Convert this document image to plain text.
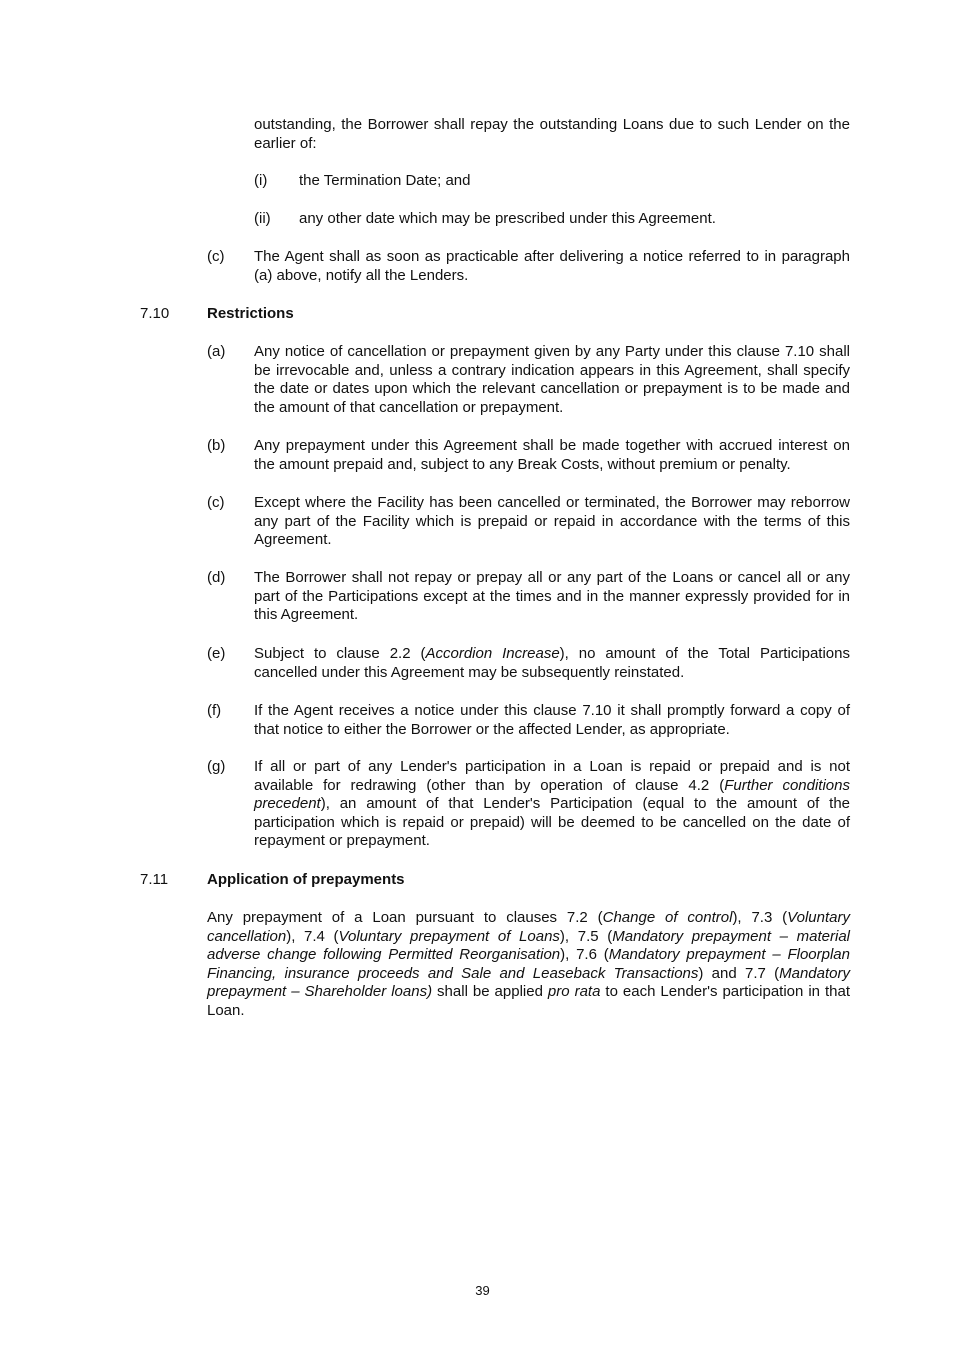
outstanding, the Borrower shall repay the outstanding Loans due to such Lender on the earlier of:

(i) the Termination Date; and

(ii) any other date which may be prescribed under this Agreement.

(c) The Agent shall as soon as practicable after delivering a notice referred to in paragraph (a) above, notify all the Lenders.

7.10	Restrictions
(a) Any notice of cancellation or prepayment given by any Party under this clause 7.10 shall be irrevocable and, unless a contrary indication appears in this Agreement, shall specify the date or dates upon which the relevant cancellation or prepayment is to be made and the amount of that cancellation or prepayment.

(b) Any prepayment under this Agreement shall be made together with accrued interest on the amount prepaid and, subject to any Break Costs, without premium or penalty.

(c) Except where the Facility has been cancelled or terminated, the Borrower may reborrow any part of the Facility which is prepaid or repaid in accordance with the terms of this Agreement.

(d) The Borrower shall not repay or prepay all or any part of the Loans or cancel all or any part of the Participations except at the times and in the manner expressly provided for in this Agreement.

(e) Subject to clause 2.2 (Accordion Increase), no amount of the Total Participations cancelled under this Agreement may be subsequently reinstated.

(f) If the Agent receives a notice under this clause 7.10 it shall promptly forward a copy of that notice to either the Borrower or the affected Lender, as appropriate.

(g) If all or part of any Lender's participation in a Loan is repaid or prepaid and is not available for redrawing (other than by operation of clause 4.2 (Further conditions precedent), an amount of that Lender's Participation (equal to the amount of the participation which is repaid or prepaid) will be deemed to be cancelled on the date of repayment or prepayment.

7.11	Application of prepayments

Any prepayment of a Loan pursuant to clauses 7.2 (Change of control), 7.3 (Voluntary cancellation), 7.4 (Voluntary prepayment of Loans), 7.5 (Mandatory prepayment – material adverse change following Permitted Reorganisation), 7.6 (Mandatory prepayment – Floorplan Financing, insurance proceeds and Sale and Leaseback Transactions) and 7.7 (Mandatory prepayment – Shareholder loans) shall be applied pro rata to each Lender's participation in that Loan.

39
